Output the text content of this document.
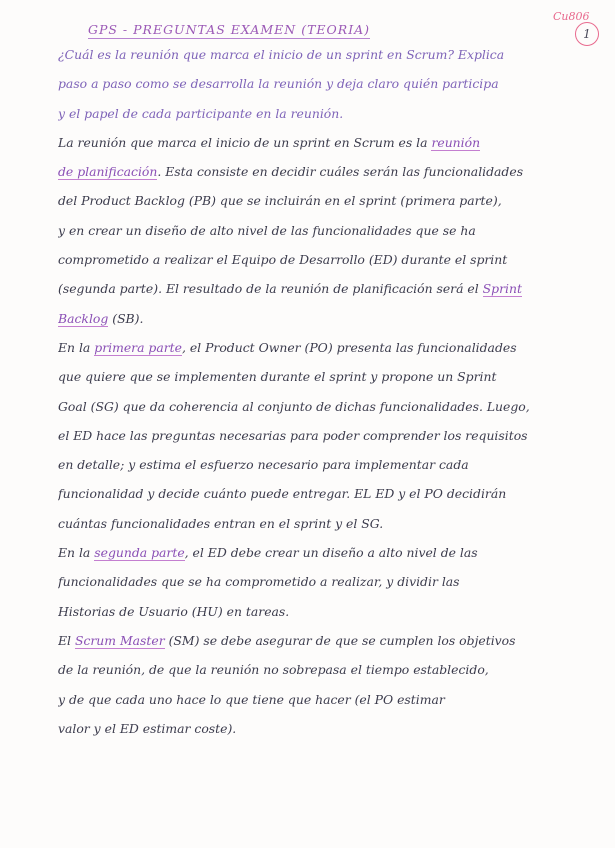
GPS - PREGUNTAS EXAMEN (TEORIA)
Cu806
1
¿Cuál es la reunión que marca el inicio de un sprint en Scrum? Explica
paso a paso como se desarrolla la reunión y deja claro quién participa
y el papel de cada participante en la reunión.
La reunión que marca el inicio de un sprint en Scrum es la reunión
de planificación. Esta consiste en decidir cuáles serán las funcionalidades
del Product Backlog (PB) que se incluirán en el sprint (primera parte),
y en crear un diseño de alto nivel de las funcionalidades que se ha
comprometido a realizar el Equipo de Desarrollo (ED) durante el sprint
(segunda parte). El resultado de la reunión de planificación será el Sprint
Backlog (SB).
En la primera parte, el Product Owner (PO) presenta las funcionalidades
que quiere que se implementen durante el sprint y propone un Sprint
Goal (SG) que da coherencia al conjunto de dichas funcionalidades. Luego,
el ED hace las preguntas necesarias para poder comprender los requisitos
en detalle; y estima el esfuerzo necesario para implementar cada
funcionalidad y decide cuánto puede entregar. EL ED y el PO decidirán
cuántas funcionalidades entran en el sprint y el SG.
En la segunda parte, el ED debe crear un diseño a alto nivel de las
funcionalidades que se ha comprometido a realizar, y dividir las
Historias de Usuario (HU) en tareas.
El Scrum Master (SM) se debe asegurar de que se cumplen los objetivos
de la reunión, de que la reunión no sobrepasa el tiempo establecido,
y de que cada uno hace lo que tiene que hacer (el PO estimar
valor y el ED estimar coste).
